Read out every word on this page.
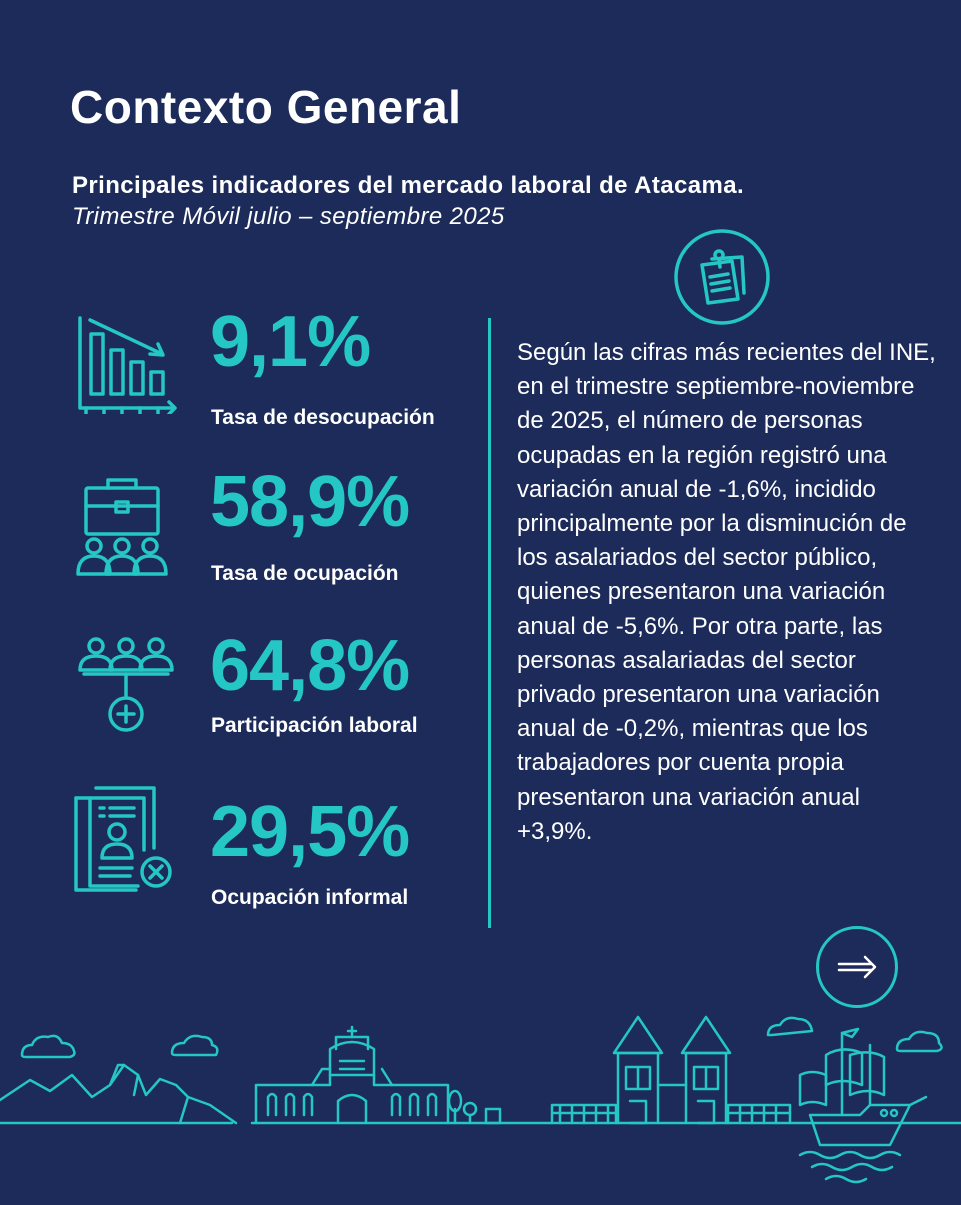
Contexto General
Principales indicadores del mercado laboral de Atacama.
Trimestre Móvil julio – septiembre 2025
9,1%
Tasa de desocupación
58,9%
Tasa de ocupación
64,8%
Participación laboral
29,5%
Ocupación informal
Según las cifras más recientes del INE, en el trimestre septiembre-noviembre de 2025, el número de personas ocupadas en la región registró una variación anual de -1,6%, incidido principalmente por la disminución de los asalariados del sector público, quienes presentaron una variación anual de -5,6%. Por otra parte, las personas asalariadas del sector privado presentaron una variación anual de -0,2%, mientras que los trabajadores por cuenta propia presentaron una variación anual +3,9%.
